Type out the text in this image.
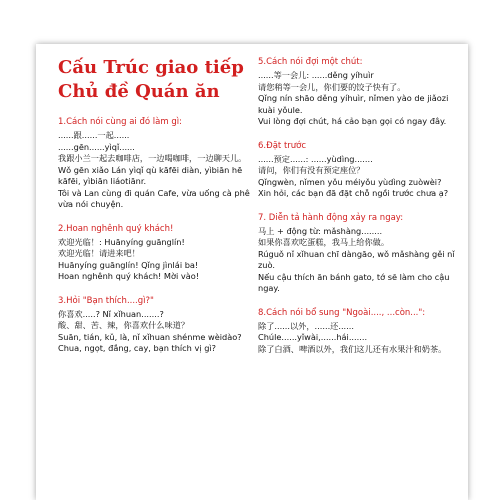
Cấu Trúc giao tiếp
Chủ đề Quán ăn
1.Cách nói cùng ai đó làm gì:
......跟......一起......
......gēn......yìqǐ......
我跟小兰一起去咖啡店，一边喝咖啡，一边聊天儿。
Wǒ gēn xiǎo Lán yìqǐ qù kāfēi diàn, yìbiān hē kāfēi, yìbiān liáotiānr.
Tôi và Lan cùng đi quán Cafe, vừa uống cà phê vừa nói chuyện.
2.Hoan nghênh quý khách!
欢迎光临！: Huānyíng guānglín!
欢迎光临！请进来吧！
Huānyíng guānglín! Qǐng jìnlái ba!
Hoan nghênh quý khách! Mời vào!
3.Hỏi "Bạn thích....gì?"
你喜欢.....? Nǐ xǐhuan.......?
酸、甜、苦、辣，你喜欢什么味道？
Suān, tián, kǔ, là, nǐ xǐhuan shénme wèidào?
Chua, ngọt, đắng, cay, bạn thích vị gì?
5.Cách nói đợi một chút:
......等一会儿: ......děng yíhuìr
请您稍等一会儿，你们要的饺子快有了。
Qǐng nín shāo děng yíhuìr, nǐmen yào de jiǎozi kuài yǒule.
Vui lòng đợi chút, há cảo bạn gọi có ngay đây.
6.Đặt trước
......预定......: ......yùdìng.......
请问，你们有没有预定座位？
Qǐngwèn, nǐmen yǒu méiyǒu yùdìng zuòwèi?
Xin hỏi, các bạn đã đặt chỗ ngồi trước chưa ạ?
7. Diễn tả hành động xảy ra ngay:
马上 + động từ: mǎshàng........
如果你喜欢吃蛋糕，我马上给你做。
Rúguǒ nǐ xǐhuan chī dàngāo, wǒ mǎshàng gěi nǐ zuò.
Nếu cậu thích ăn bánh gato, tớ sẽ làm cho cậu ngay.
8.Cách nói bổ sung "Ngoài...., ...còn...":
除了......以外，......还......
Chúle......yǐwài,......hái.......
除了白酒、啤酒以外，我们这儿还有水果汁和奶茶。
